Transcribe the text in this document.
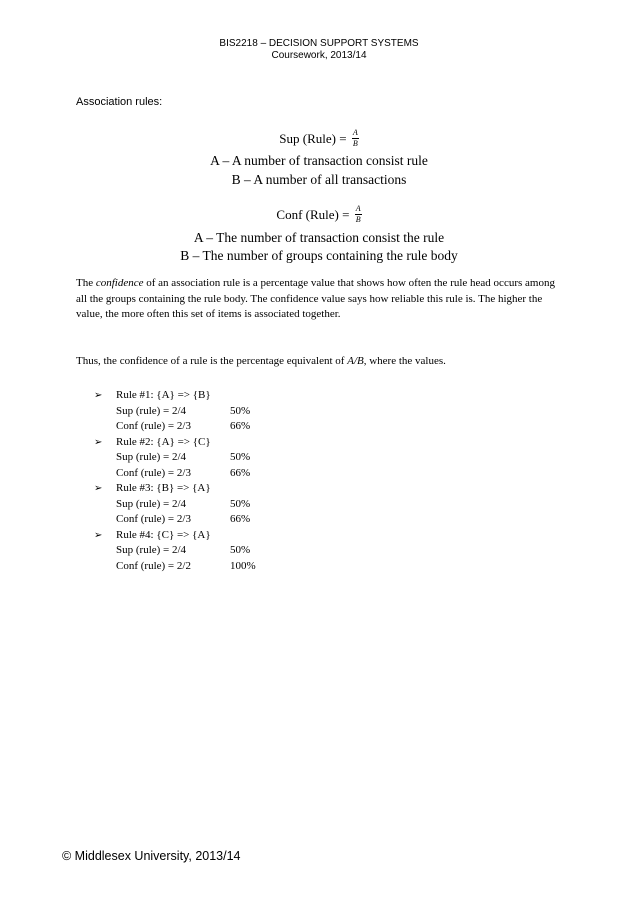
BIS2218 – DECISION SUPPORT SYSTEMS
Coursework, 2013/14
Association rules:
Sup (Rule) = $\frac{A}{B}$
A – A number of transaction consist rule
B – A number of all transactions
Conf (Rule) = $\frac{A}{B}$
A – The number of transaction consist the rule
B – The number of groups containing the rule body
The confidence of an association rule is a percentage value that shows how often the rule head occurs among all the groups containing the rule body. The confidence value says how reliable this rule is. The higher the value, the more often this set of items is associated together.
Thus, the confidence of a rule is the percentage equivalent of A/B, where the values.
➢ Rule #1: {A} => {B}
Sup (rule) = 2/4	50%
Conf (rule) = 2/3	66%
➢ Rule #2: {A} => {C}
Sup (rule) = 2/4	50%
Conf (rule) = 2/3	66%
➢ Rule #3: {B} => {A}
Sup (rule) = 2/4	50%
Conf (rule) = 2/3	66%
➢ Rule #4: {C} => {A}
Sup (rule) = 2/4	50%
Conf (rule) = 2/2	100%
© Middlesex University, 2013/14
